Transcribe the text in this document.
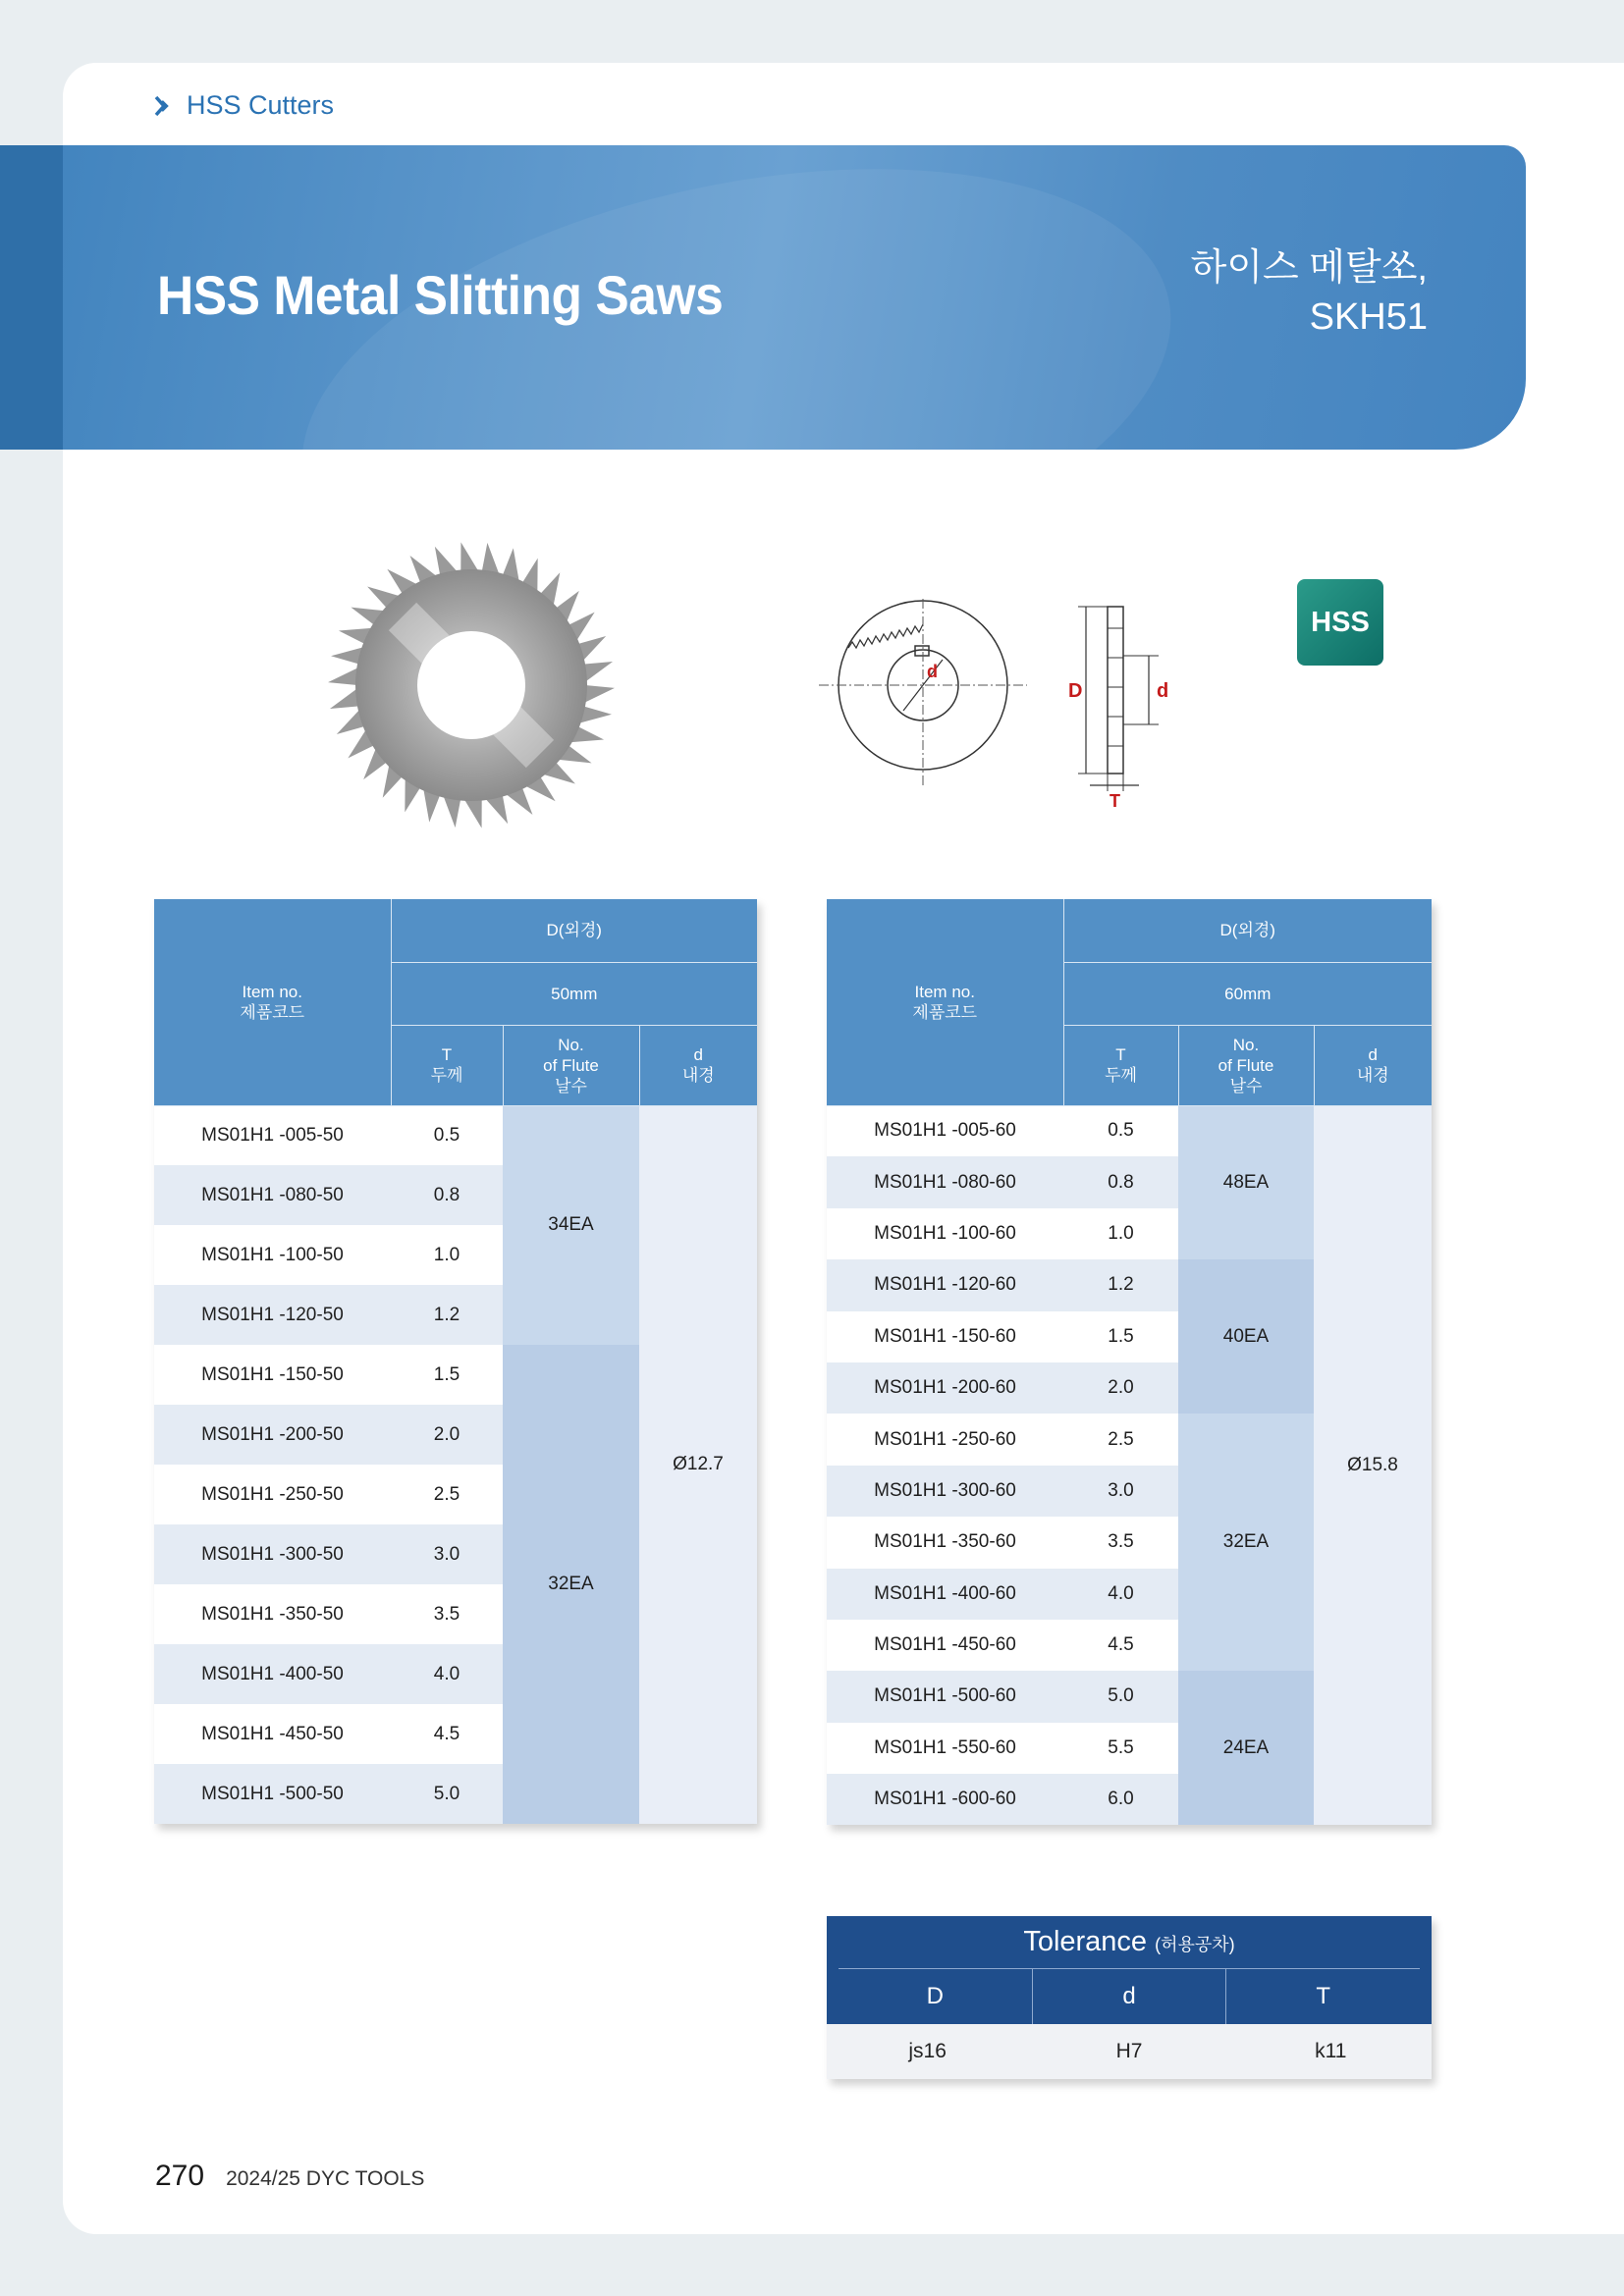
HSS Cutters
HSS Metal Slitting Saws	하이스 메탈쏘,
SKH51
d
D	d
T
HSS
Item no.
제품코드	D(외경)		
	50mm		
	T
두께	No.
of Flute
날수	d
내경
MS01H1 -005-50	0.5	34EA	Ø12.7
MS01H1 -080-50	0.8		
MS01H1 -100-50	1.0		
MS01H1 -120-50	1.2		
MS01H1 -150-50	1.5	32EA	
MS01H1 -200-50	2.0		
MS01H1 -250-50	2.5		
MS01H1 -300-50	3.0		
MS01H1 -350-50	3.5		
MS01H1 -400-50	4.0		
MS01H1 -450-50	4.5		
MS01H1 -500-50	5.0		
Item no.
제품코드	D(외경)		
	60mm		
	T
두께	No.
of Flute
날수	d
내경
MS01H1 -005-60	0.5	48EA	Ø15.8
MS01H1 -080-60	0.8		
MS01H1 -100-60	1.0		
MS01H1 -120-60	1.2	40EA	
MS01H1 -150-60	1.5		
MS01H1 -200-60	2.0		
MS01H1 -250-60	2.5	32EA	
MS01H1 -300-60	3.0		
MS01H1 -350-60	3.5		
MS01H1 -400-60	4.0		
MS01H1 -450-60	4.5		
MS01H1 -500-60	5.0	24EA	
MS01H1 -550-60	5.5		
MS01H1 -600-60	6.0		
Tolerance (허용공차)
D	d	T
js16	H7	k11
270 2024/25 DYC TOOLS
